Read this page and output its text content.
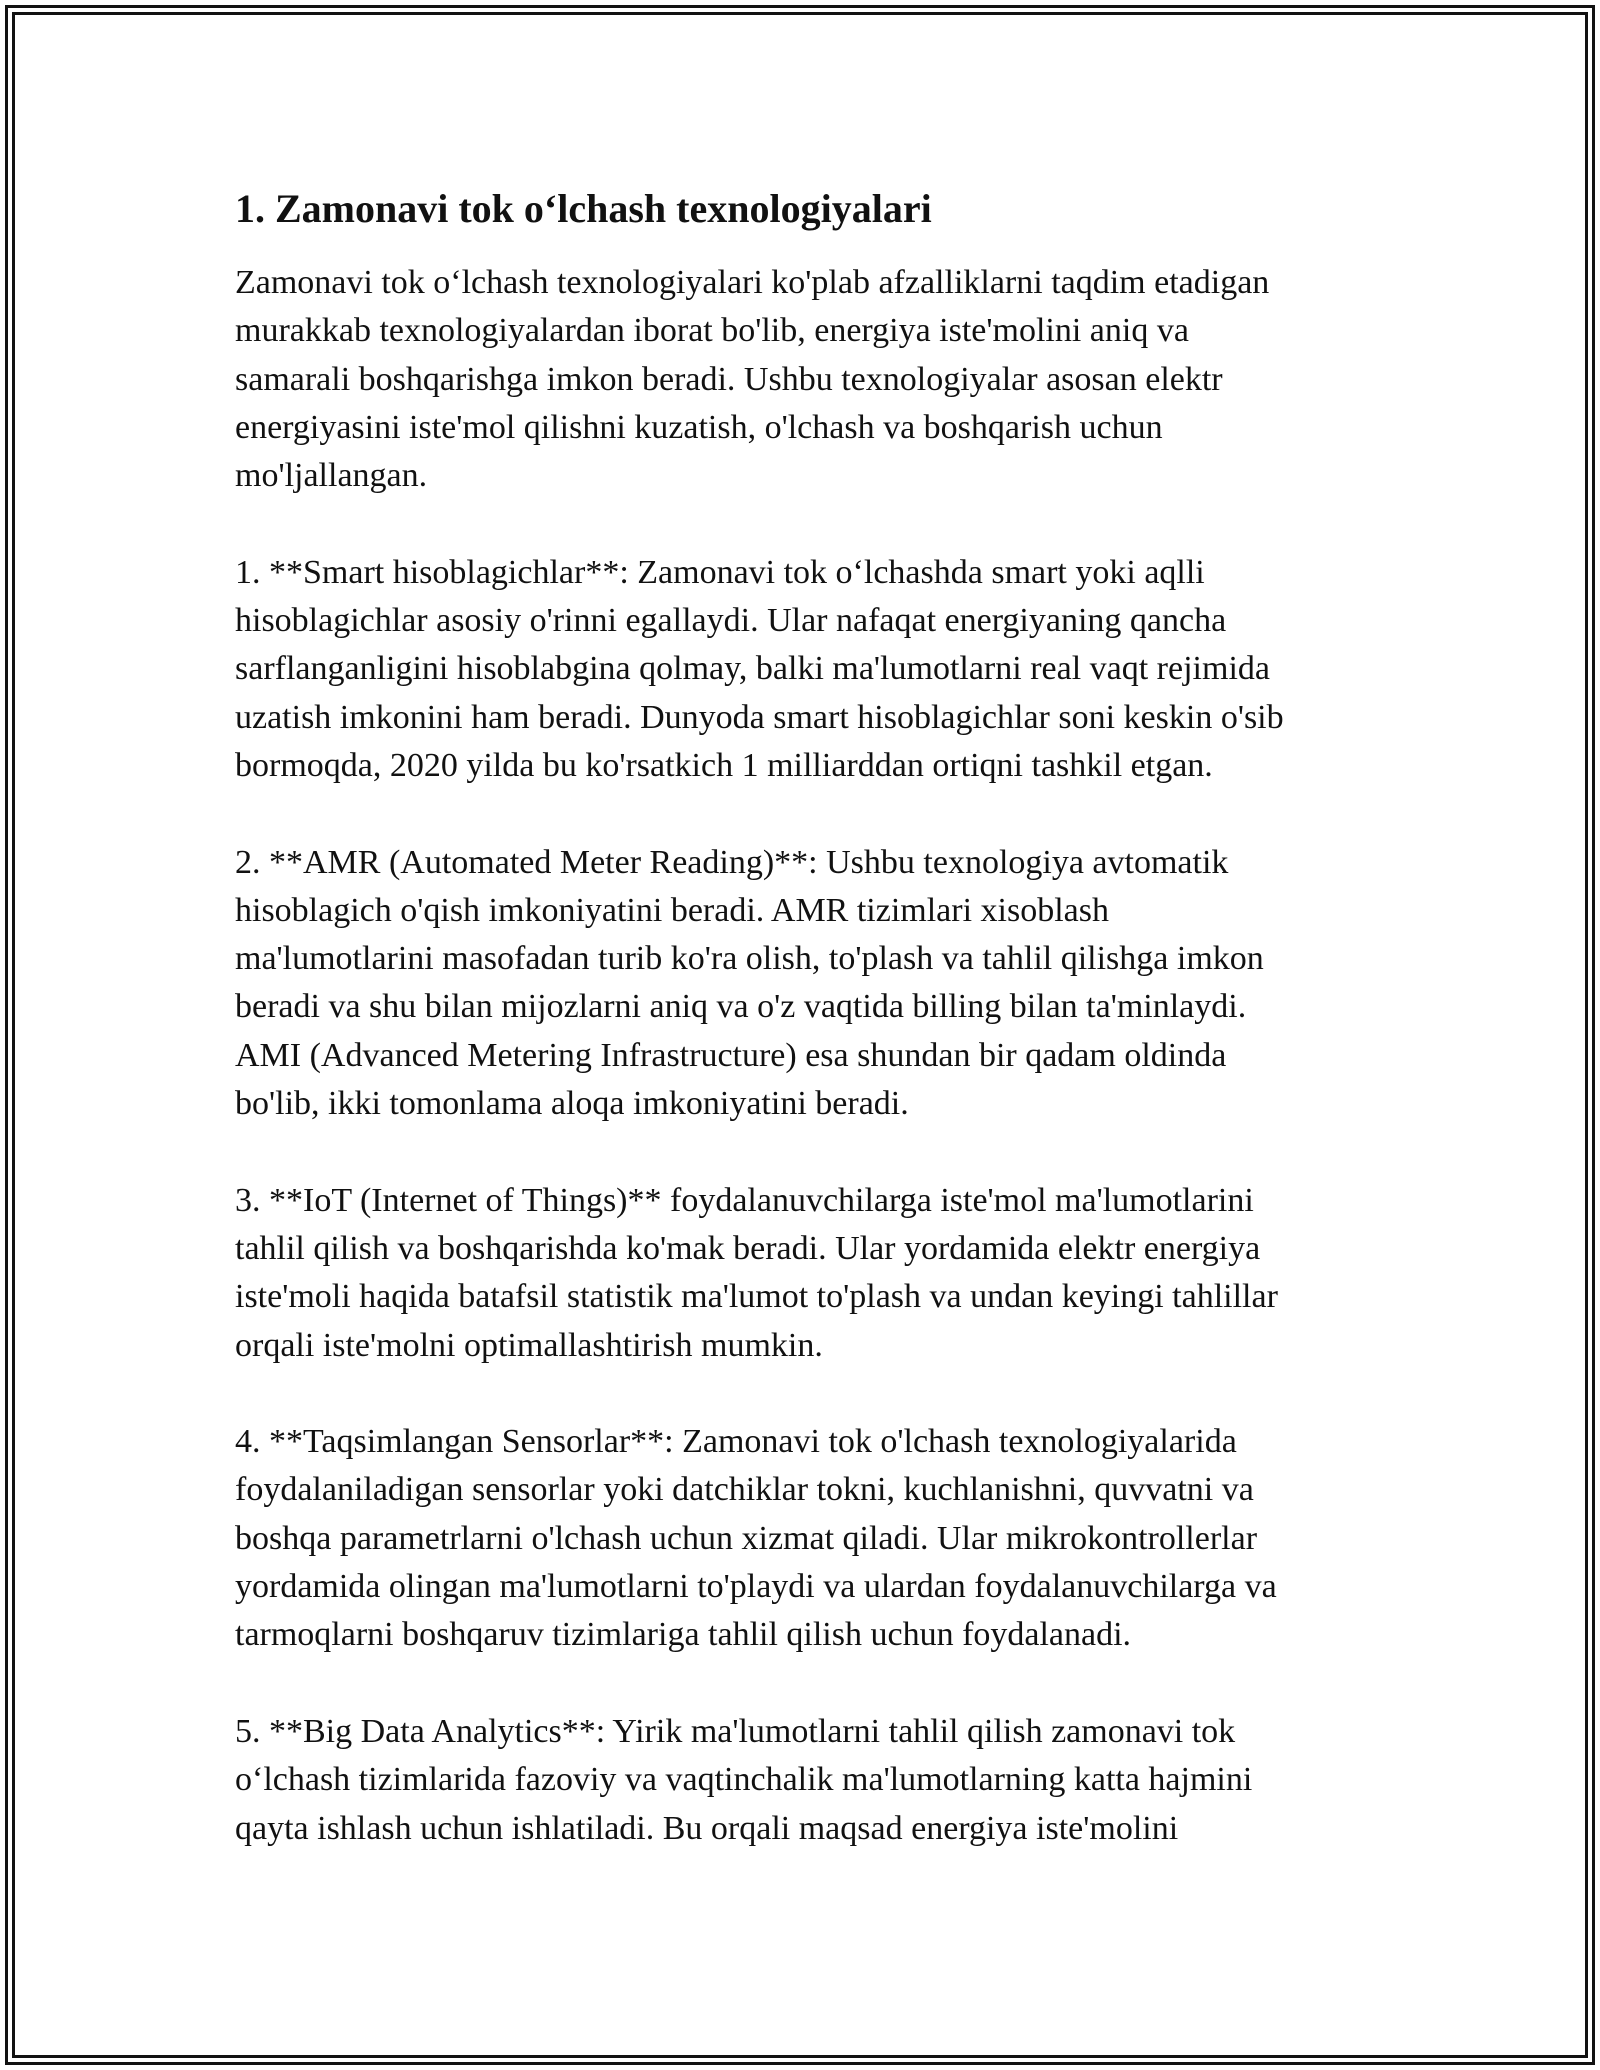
1. Zamonavi tok o‘lchash texnologiyalari
Zamonavi tok o‘lchash texnologiyalari ko'plab afzalliklarni taqdim etadigan
murakkab texnologiyalardan iborat bo'lib, energiya iste'molini aniq va
samarali boshqarishga imkon beradi. Ushbu texnologiyalar asosan elektr
energiyasini iste'mol qilishni kuzatish, o'lchash va boshqarish uchun
mo'ljallangan.
1. **Smart hisoblagichlar**: Zamonavi tok o‘lchashda smart yoki aqlli
hisoblagichlar asosiy o'rinni egallaydi. Ular nafaqat energiyaning qancha
sarflanganligini hisoblabgina qolmay, balki ma'lumotlarni real vaqt rejimida
uzatish imkonini ham beradi. Dunyoda smart hisoblagichlar soni keskin o'sib
bormoqda, 2020 yilda bu ko'rsatkich 1 milliarddan ortiqni tashkil etgan.
2. **AMR (Automated Meter Reading)**: Ushbu texnologiya avtomatik
hisoblagich o'qish imkoniyatini beradi. AMR tizimlari xisoblash
ma'lumotlarini masofadan turib ko'ra olish, to'plash va tahlil qilishga imkon
beradi va shu bilan mijozlarni aniq va o'z vaqtida billing bilan ta'minlaydi.
AMI (Advanced Metering Infrastructure) esa shundan bir qadam oldinda
bo'lib, ikki tomonlama aloqa imkoniyatini beradi.
3. **IoT (Internet of Things)** foydalanuvchilarga iste'mol ma'lumotlarini
tahlil qilish va boshqarishda ko'mak beradi. Ular yordamida elektr energiya
iste'moli haqida batafsil statistik ma'lumot to'plash va undan keyingi tahlillar
orqali iste'molni optimallashtirish mumkin.
4. **Taqsimlangan Sensorlar**: Zamonavi tok o'lchash texnologiyalarida
foydalaniladigan sensorlar yoki datchiklar tokni, kuchlanishni, quvvatni va
boshqa parametrlarni o'lchash uchun xizmat qiladi. Ular mikrokontrollerlar
yordamida olingan ma'lumotlarni to'playdi va ulardan foydalanuvchilarga va
tarmoqlarni boshqaruv tizimlariga tahlil qilish uchun foydalanadi.
5. **Big Data Analytics**: Yirik ma'lumotlarni tahlil qilish zamonavi tok
o‘lchash tizimlarida fazoviy va vaqtinchalik ma'lumotlarning katta hajmini
qayta ishlash uchun ishlatiladi. Bu orqali maqsad energiya iste'molini
